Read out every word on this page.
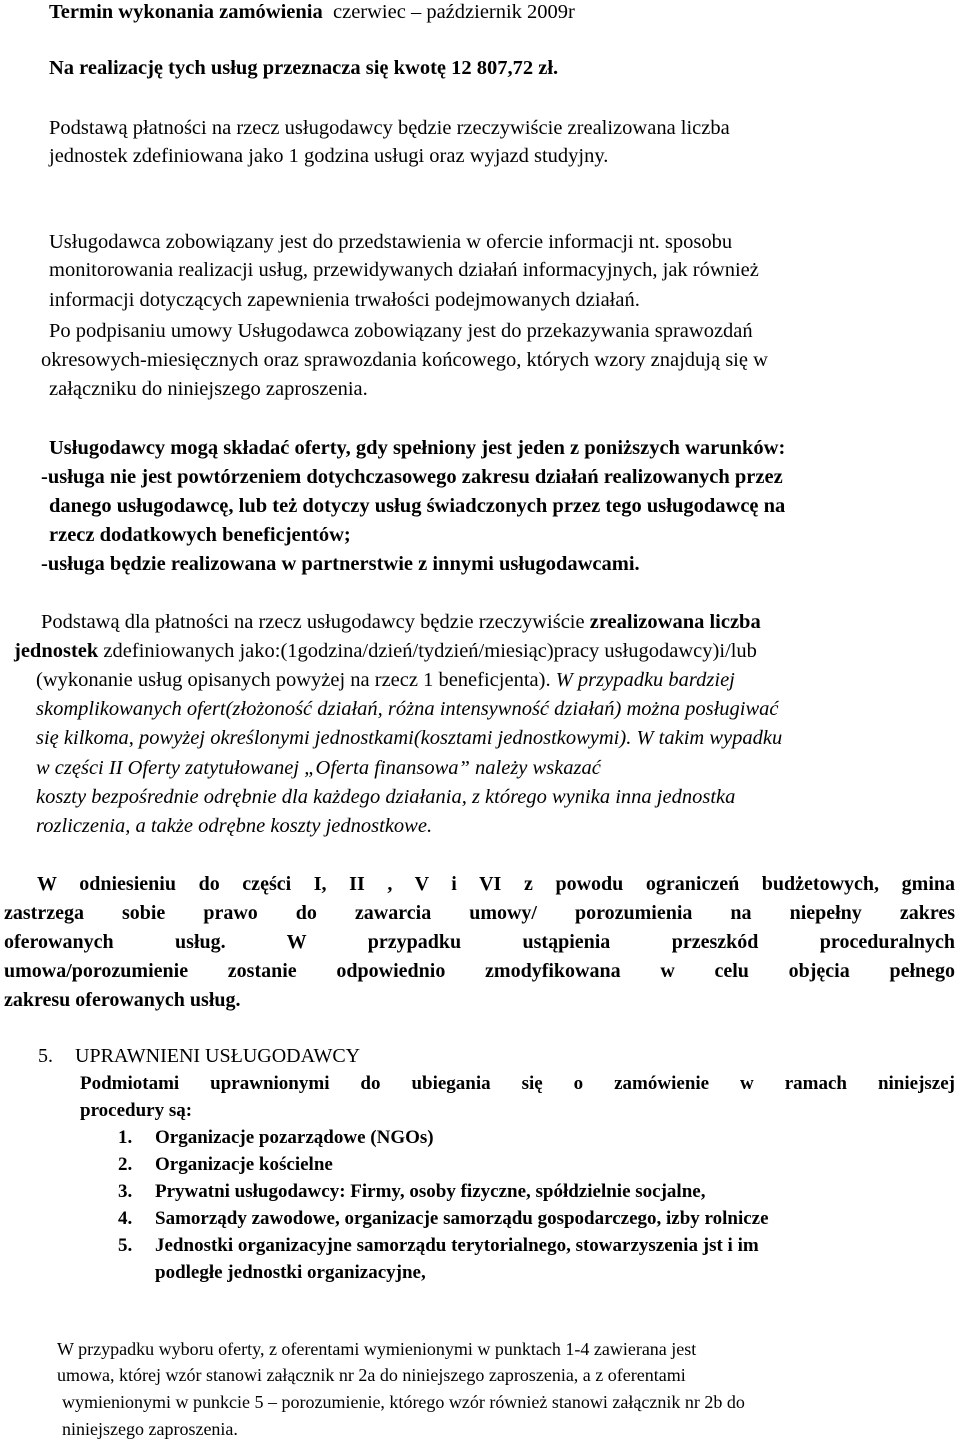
Termin wykonania zamówienia czerwiec – październik 2009r
Na realizację tych usług przeznacza się kwotę 12 807,72 zł.
Podstawą płatności na rzecz usługodawcy będzie rzeczywiście zrealizowana liczba
jednostek zdefiniowana jako 1 godzina usługi oraz wyjazd studyjny.
Usługodawca zobowiązany jest do przedstawienia w ofercie informacji nt. sposobu
monitorowania realizacji usług, przewidywanych działań informacyjnych, jak również
informacji dotyczących zapewnienia trwałości podejmowanych działań.
Po podpisaniu umowy Usługodawca zobowiązany jest do przekazywania sprawozdań
okresowych-miesięcznych oraz sprawozdania końcowego, których wzory znajdują się w
załączniku do niniejszego zaproszenia.
Usługodawcy mogą składać oferty, gdy spełniony jest jeden z poniższych warunków:
-usługa nie jest powtórzeniem dotychczasowego zakresu działań realizowanych przez
danego usługodawcę, lub też dotyczy usług świadczonych przez tego usługodawcę na
rzecz dodatkowych beneficjentów;
-usługa będzie realizowana w partnerstwie z innymi usługodawcami.
Podstawą dla płatności na rzecz usługodawcy będzie rzeczywiście zrealizowana liczba
jednostek zdefiniowanych jako:(1godzina/dzień/tydzień/miesiąc)pracy usługodawcy)i/lub
(wykonanie usług opisanych powyżej na rzecz 1 beneficjenta). W przypadku bardziej
skomplikowanych ofert(złożoność działań, różna intensywność działań) można posługiwać
się kilkoma, powyżej określonymi jednostkami(kosztami jednostkowymi). W takim wypadku
w części II Oferty zatytułowanej „Oferta finansowa” należy wskazać
koszty bezpośrednie odrębnie dla każdego działania, z którego wynika inna jednostka
rozliczenia, a także odrębne koszty jednostkowe.
W odniesieniu do części I, II , V i VI z powodu ograniczeń budżetowych, gmina
zastrzega sobie prawo do zawarcia umowy/ porozumienia na niepełny zakres
oferowanych usług. W przypadku ustąpienia przeszkód proceduralnych
umowa/porozumienie zostanie odpowiednio zmodyfikowana w celu objęcia pełnego
zakresu oferowanych usług.
5. UPRAWNIENI USŁUGODAWCY
Podmiotami uprawnionymi do ubiegania się o zamówienie w ramach niniejszej
procedury są:
1. Organizacje pozarządowe (NGOs)
2. Organizacje kościelne
3. Prywatni usługodawcy: Firmy, osoby fizyczne, spółdzielnie socjalne,
4. Samorządy zawodowe, organizacje samorządu gospodarczego, izby rolnicze
5. Jednostki organizacyjne samorządu terytorialnego, stowarzyszenia jst i im
podległe jednostki organizacyjne,
W przypadku wyboru oferty, z oferentami wymienionymi w punktach 1-4 zawierana jest
umowa, której wzór stanowi załącznik nr 2a do niniejszego zaproszenia, a z oferentami
wymienionymi w punkcie 5 – porozumienie, którego wzór również stanowi załącznik nr 2b do
niniejszego zaproszenia.
